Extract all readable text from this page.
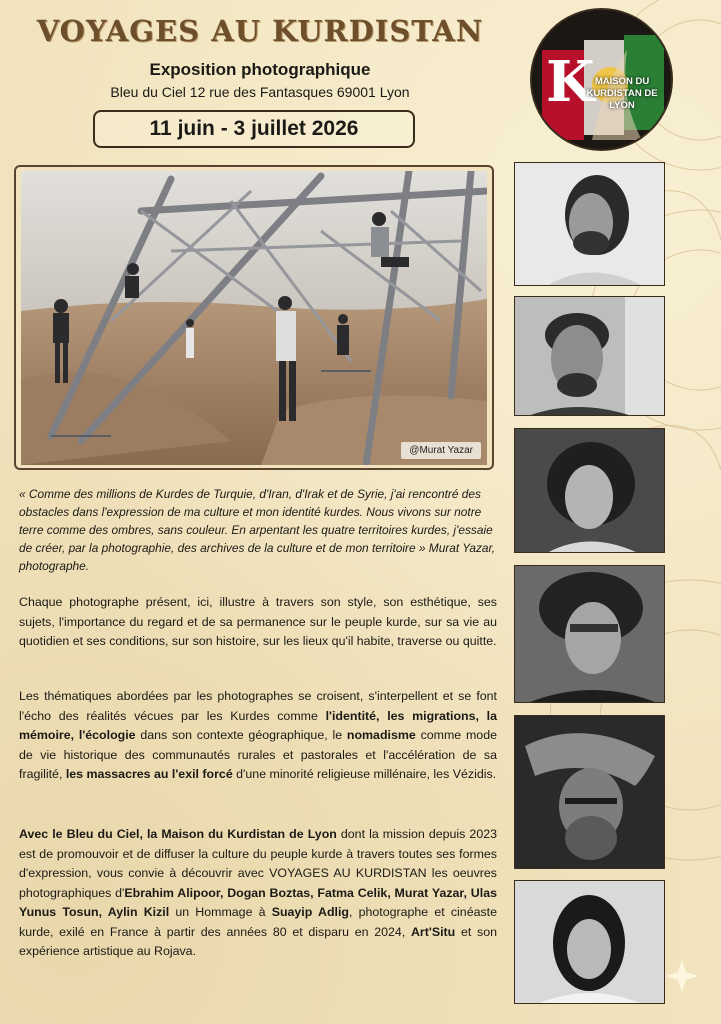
VOYAGES AU KURDISTAN
Exposition photographique
Bleu du Ciel 12 rue des Fantasques 69001 Lyon
11 juin - 3 juillet 2026
K MAISON DU KURDISTAN DE LYON
@Murat Yazar
« Comme des millions de Kurdes de Turquie, d'Iran, d'Irak et de Syrie, j'ai rencontré des obstacles dans l'expression de ma culture et mon identité kurdes. Nous vivons sur notre terre comme des ombres, sans couleur. En arpentant les quatre territoires kurdes, j'essaie de créer, par la photographie, des archives de la culture et de mon territoire » Murat Yazar, photographe.
Chaque photographe présent, ici, illustre à travers son style, son esthétique, ses sujets, l'importance du regard et de sa permanence sur le peuple kurde, sur sa vie au quotidien et ses conditions, sur son histoire, sur les lieux qu'il habite, traverse ou quitte.
Les thématiques abordées par les photographes se croisent, s'interpellent et se font l'écho des réalités vécues par les Kurdes comme l'identité, les migrations, la mémoire, l'écologie dans son contexte géographique, le nomadisme comme mode de vie historique des communautés rurales et pastorales et l'accélération de sa fragilité, les massacres au l'exil forcé d'une minorité religieuse millénaire, les Vézidis.
Avec le Bleu du Ciel, la Maison du Kurdistan de Lyon dont la mission depuis 2023 est de promouvoir et de diffuser la culture du peuple kurde à travers toutes ses formes d'expression, vous convie à découvrir avec VOYAGES AU KURDISTAN les oeuvres photographiques d'Ebrahim Alipoor, Dogan Boztas, Fatma Celik, Murat Yazar, Ulas Yunus Tosun, Aylin Kizil un Hommage à Suayip Adlig, photographe et cinéaste kurde, exilé en France à partir des années 80 et disparu en 2024, Art'Situ et son expérience artistique au Rojava.
